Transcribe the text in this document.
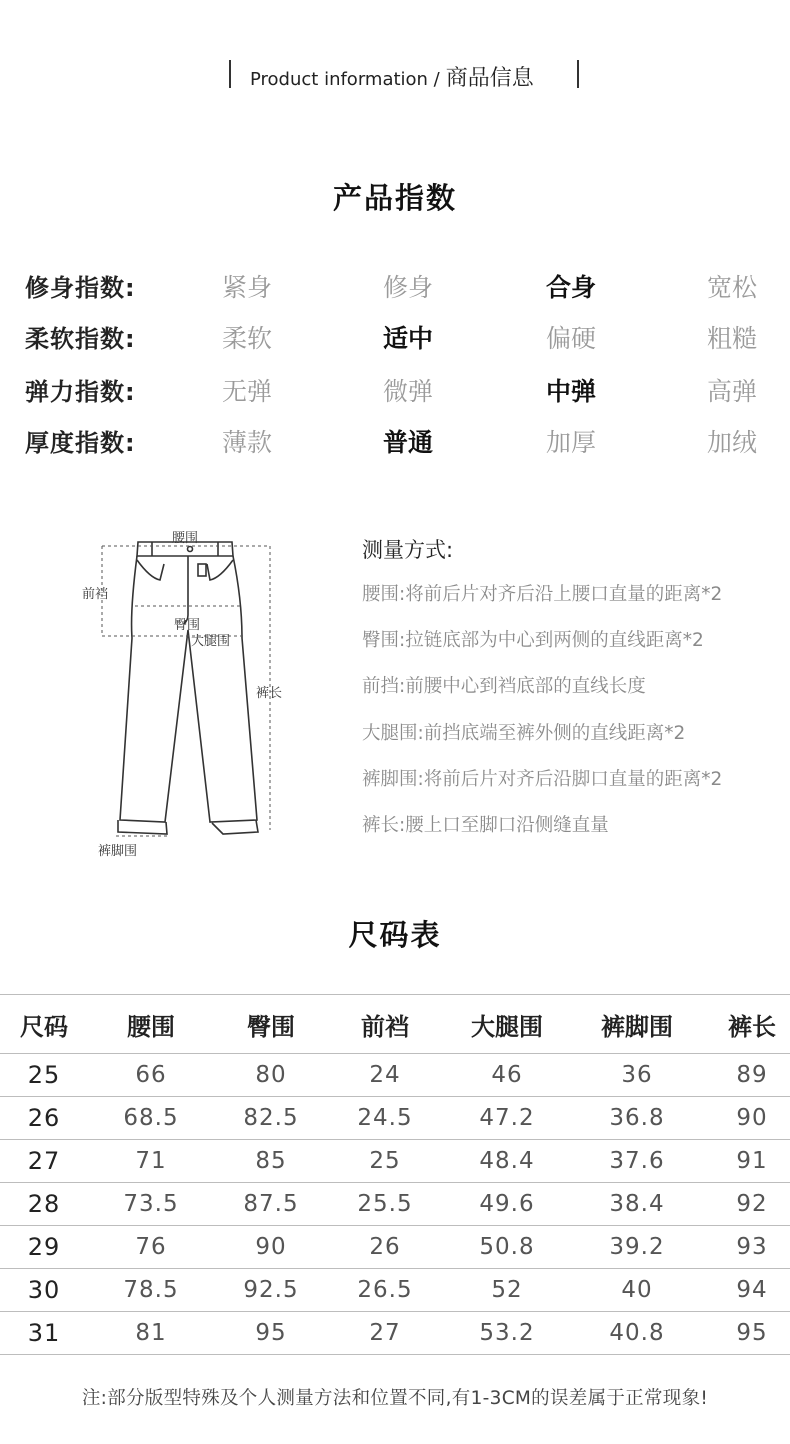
Product information / 商品信息
产品指数
修身指数:	紧身	修身	合身	宽松
柔软指数:	柔软	适中	偏硬	粗糙
弹力指数:	无弹	微弹	中弹	高弹
厚度指数:	薄款	普通	加厚	加绒
腰围
前裆
臀围
大腿围
裤长
裤脚围
测量方式:
腰围:将前后片对齐后沿上腰口直量的距离*2
臀围:拉链底部为中心到两侧的直线距离*2
前挡:前腰中心到裆底部的直线长度
大腿围:前挡底端至裤外侧的直线距离*2
裤脚围:将前后片对齐后沿脚口直量的距离*2
裤长:腰上口至脚口沿侧缝直量
尺码表
尺码	腰围	臀围	前裆	大腿围	裤脚围	裤长
25	66	80	24	46	36	89
26	68.5	82.5	24.5	47.2	36.8	90
27	71	85	25	48.4	37.6	91
28	73.5	87.5	25.5	49.6	38.4	92
29	76	90	26	50.8	39.2	93
30	78.5	92.5	26.5	52	40	94
31	81	95	27	53.2	40.8	95
注:部分版型特殊及个人测量方法和位置不同,有1-3CM的误差属于正常现象!
